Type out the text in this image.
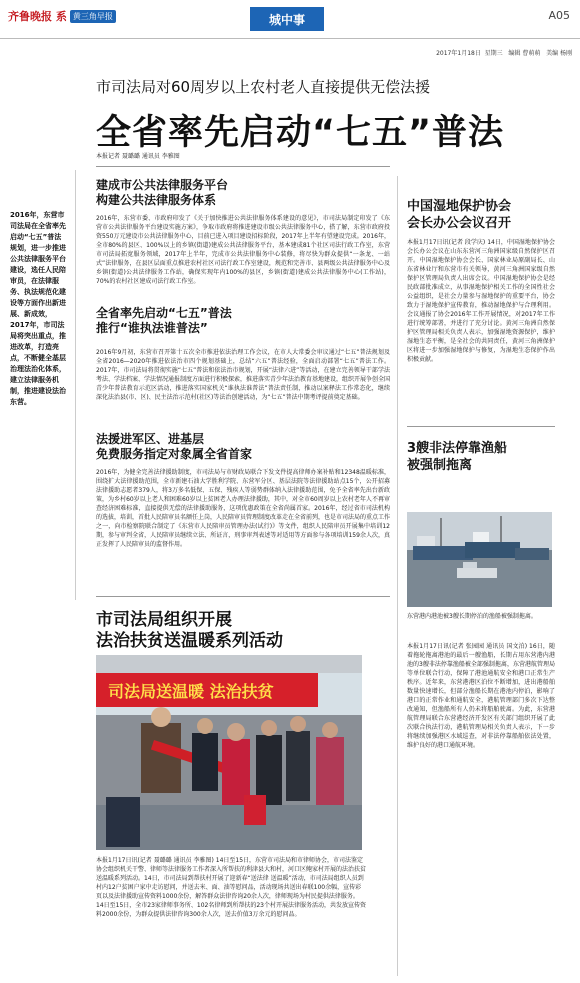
齐鲁晚报 系 黄三角早报	城中事	A05
2017年1月18日 星期三 编辑 曹萌萌 美编 杨刚
市司法局对60周岁以上农村老人直接提供无偿法援
全省率先启动“七五”普法
本报记者 聂璐璐 通讯员 李雅图
2016年，东营市司法局在全省率先启动“七五”普法规划，进一步推进公共法律服务平台建设，选任人民陪审员，在法律服务、执法规范化建设等方面作出新进展、新成效，2017年，市司法局将突出重点，推进改革，打造亮点，不断健全基层治理法治化体系，建立法律服务机制，推进建设法治东营。
建成市公共法律服务平台
构建公共法律服务体系
2016年，东营市委、市政府印发了《关于加快推进公共法律服务体系建设的意见》，市司法局制定印发了《东营市公共法律服务平台建设实施方案》，争取市政府将推进建设市级公共法律服务中心，搭了解，东营市政府投资550万元建设市公共法律服务中心，目前已进入项目建设招标阶段，2017年上半年有望建设完成。2016年，全市80%的县区、100%以上的乡镇(街道)建成公共法律服务平台，基本建成81个社区司法行政工作室，东营市司法局拓宽服务领域，2017年上半年，完成市公共法律服务中心装修，将尽快为群众提供“一条龙、一站式”法律服务，在县区层面重点推进农村社区司法行政工作室建设，规范和完善市、县两级公共法律服务中心及乡镇(街道)公共法律服务工作站，确保实现年内100%的县区，乡镇(街道)建成公共法律服务中心(工作站)，70%的农村社区建成司法行政工作室。
全省率先启动“七五”普法
推行“谁执法谁普法”
2016年9月初，东营市召开第十五次全市推进依法治理工作会议，在市人大常委会审议通过“七五”普法规划及全省2016—2020年推进依法治市四个规划基础上，总结“六五”普法经验，全面启动部署“七五”普法工作。2017年，市司法局将贯彻实施“七五”普法和依法治市规划，开展“法律六进”等活动，在建立完善领导干部学法考法、学法档案、学法情况通报制度方面进行积极探索，推进落实青少年法治教育基地建设，组织开展争创全国青少年普法教育示范区活动，推进落实国家机关“谁执法谁普法”普法责任制，推动以案释法工作常态化，继续深化法治县(市、区)、民主法治示范村(社区)等法治创建活动，为“七五”普法中期考评提前奠定基础。
法援进军区、进基层
免费服务指定对象属全省首家
2016年，为健全完善法律援助制度，市司法局与市财政局联合下发文件提高律师办案补贴和12348温暖标准，围绕扩大法律援助范围，全市新建石油大学胜利学院、东营军分区、基层法院等法律援助站点15个，公开招募法律援助志愿者379人，将3万多名低保、五保、残疾人等弱势群体纳入法律援助范围，免予全省率先出台新政策，为乡村60岁以上老人和困难60岁以上贫困老人办理法律援助，其中，对全市60周岁以上农村老年人不再审查经济困难标准，直接提供无偿的法律援助服务，这项优惠政策在全省尚属首家。2016年，经过省市司法机构的选拔，培训，首批人民陪审员名额任上岗，人民陪审员管理制度改革走在全省前列，也是市司法局的重点工作之一，向市检察院联合制定了《东营市人民陪审员管理办法(试行)》等文件，组织人民陪审员开展集中培训12期，参与审判全省，人民陪审员继续立法、所证言，刑事审判表述等对适用等方面参与各项培训159余人次，真正发挥了人民陪审员的监督作用。
市司法局组织开展
法治扶贫送温暖系列活动
司法局送温暖 法治扶贫
本报1月17日讯(记者 聂璐璐 通讯员 李雅图) 14日至15日，东营市司法局和市律师协会，市司法鉴定协会组织机关干警、律师等法律服务工作者深入所帮扶的利津县大和村，河口区鲍家村开展的法治扶贫送温暖系列活动。14日，市司法局到帮扶村开展了迎新春“送法律 送温暖”活动，市司法局组织人员到村内12户贫困户家中走访慰问，并送去米、面、油等慰问品，活动现场共送出春联100余幅，宣传彩页以及法律援助宣传资料1000余份，解答群众法律咨询20余人次，律师现场为村民提供法律服务。14日至15日，全市23家律师事务所、102名律师到所帮扶的23个村开展法律服务活动，共发放宣传资料2000余份，为群众提供法律咨询300余人次，送去价值3万余元的慰问品。
中国湿地保护协会
会长办公会议召开
本报1月17日讯(记者 段学庆) 14日，中国湿地保护协会会长办公会议在山东东营河三角洲国家级自然保护区召开。中国湿地保护协会会长、国家林业局原副局长、山东省林业厅和东营市有关领导，黄河三角洲国家级自然保护区管理局负责人出席会议。中国湿地保护协会是经民政部批准成立，从事湿地保护相关工作的全国性社会公益组织，是社会力量参与湿地保护的重要平台，协会致力于湿地保护宣传教育，推动湿地保护与合理利用。会议通报了协会2016年工作开展情况，对2017年工作进行统筹部署，并进行了充分讨论。黄河三角洲自然保护区管理局相关负责人表示，加强湿地资源保护，维护湿地生态平衡，是全社会的共同责任，黄河三角洲保护区将进一步加强湿地保护与修复，为湿地生态保护作出积极贡献。
3艘非法停靠渔船
被强制拖离
东营港内港池被3艘长期停泊的渔船被强制拖离。
本报1月17日讯(记者 张园园 通讯员 国文泊) 16日，随着拖轮拖离港池的最后一艘渔船，长期占用东营港内港池的3艘非法停靠渔船被全部强制拖离，东营港航管理局等单位联合行动，保障了港池通航安全和港口正常生产秩序。近年来，东营港港区泊位不断增加，进出港船舶数量快速增长，但部分渔船长期在港池内停泊，影响了港口的正常作业和通航安全，港航管理部门多次下达整改通知，但渔船所有人仍未将船舶驶离。为此，东营港航管理局联合东营港经济开发区有关部门组织开展了此次联合执法行动，港航管理局相关负责人表示，下一步将继续加强港区水域巡查，对非法停靠船舶依法处置，维护良好的港口通航环境。
